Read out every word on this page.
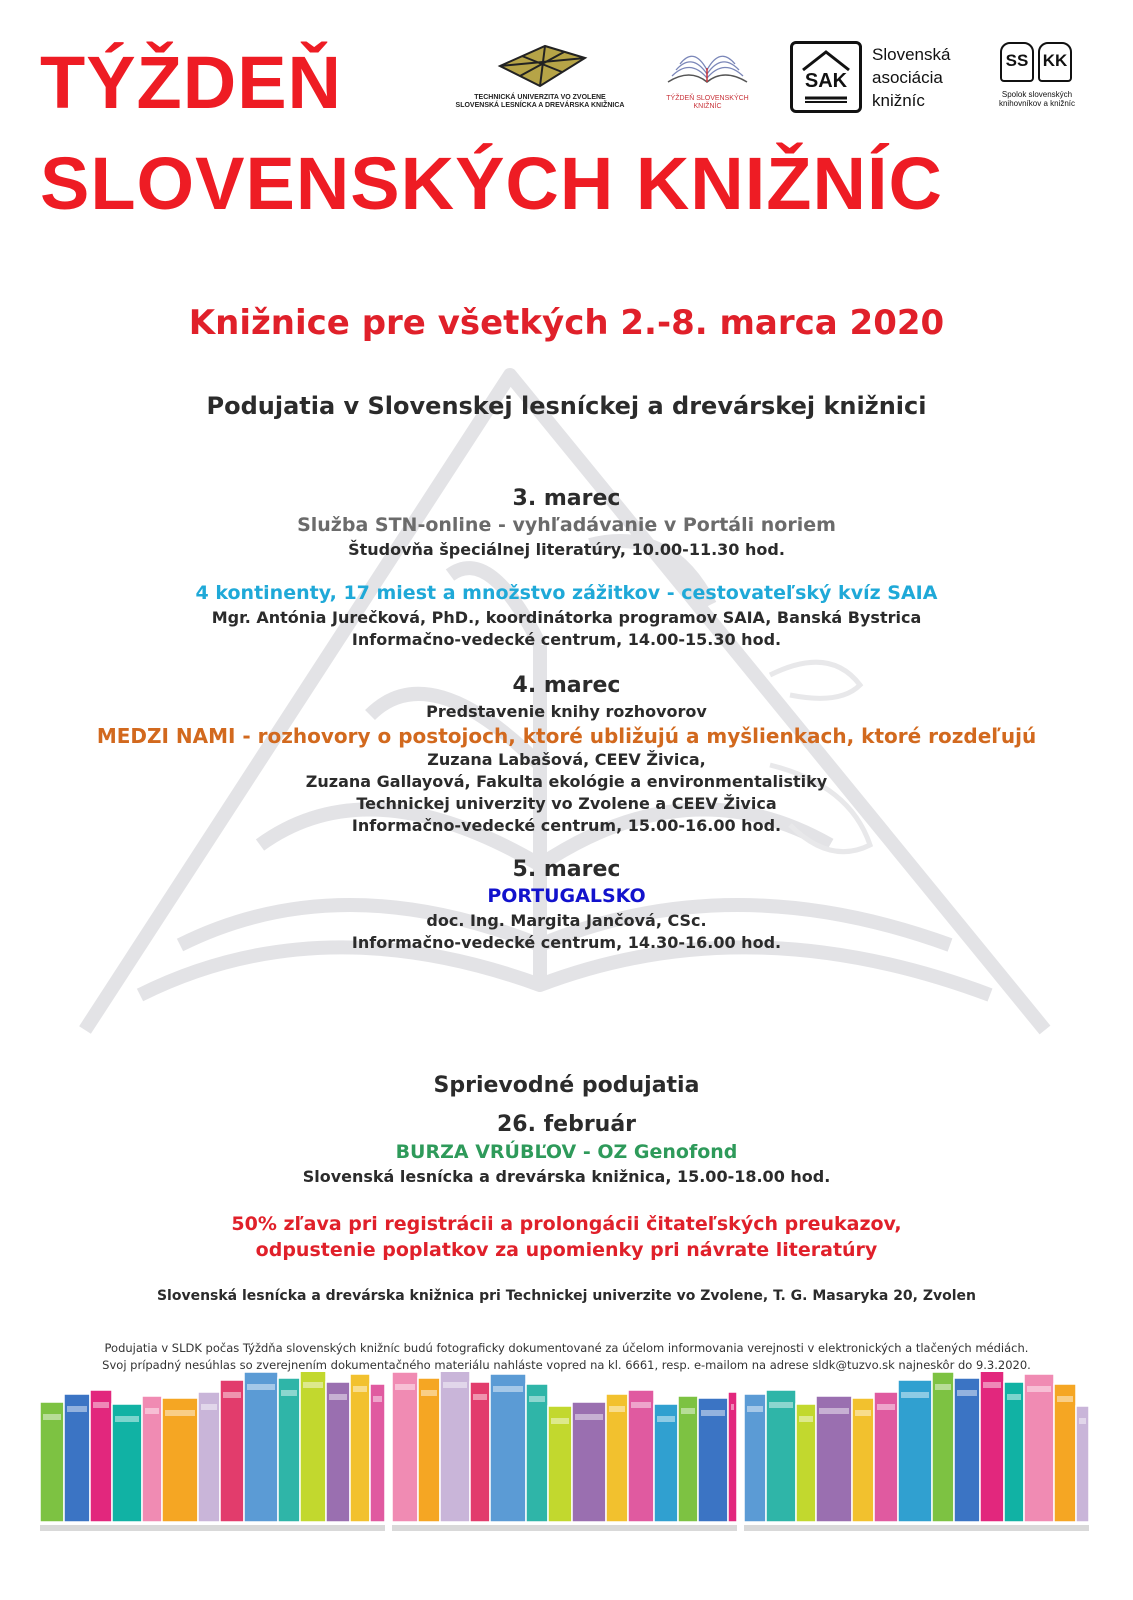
TÝŽDEŇ
SLOVENSKÝCH KNIŽNÍC
TECHNICKÁ UNIVERZITA VO ZVOLENE
SLOVENSKÁ LESNÍCKA A DREVÁRSKA KNIŽNICA
TÝŽDEŇ SLOVENSKÝCH
KNIŽNÍC
SAK
Slovenská
asociácia
knižníc
SS KK
Spolok slovenských
knihovníkov a knižníc
Knižnice pre všetkých 2.-8. marca 2020
Podujatia v Slovenskej lesníckej a drevárskej knižnici
3. marec
Služba STN-online - vyhľadávanie v Portáli noriem
Študovňa špeciálnej literatúry, 10.00-11.30 hod.
4 kontinenty, 17 miest a množstvo zážitkov - cestovateľský kvíz SAIA
Mgr. Antónia Jurečková, PhD., koordinátorka programov SAIA, Banská Bystrica
Informačno-vedecké centrum, 14.00-15.30 hod.
4. marec
Predstavenie knihy rozhovorov
MEDZI NAMI - rozhovory o postojoch, ktoré ubližujú a myšlienkach, ktoré rozdeľujú
Zuzana Labašová, CEEV Živica,
Zuzana Gallayová, Fakulta ekológie a environmentalistiky
Technickej univerzity vo Zvolene a CEEV Živica
Informačno-vedecké centrum, 15.00-16.00 hod.
5. marec
PORTUGALSKO
doc. Ing. Margita Jančová, CSc.
Informačno-vedecké centrum, 14.30-16.00 hod.
Sprievodné podujatia
26. február
BURZA VRÚBĽOV - OZ Genofond
Slovenská lesnícka a drevárska knižnica, 15.00-18.00 hod.
50% zľava pri registrácii a prolongácii čitateľských preukazov,
odpustenie poplatkov za upomienky pri návrate literatúry
Slovenská lesnícka a drevárska knižnica pri Technickej univerzite vo Zvolene, T. G. Masaryka 20, Zvolen
Podujatia v SLDK počas Týždňa slovenských knižníc budú fotograficky dokumentované za účelom informovania verejnosti v elektronických a tlačených médiách.
Svoj prípadný nesúhlas so zverejnením dokumentačného materiálu nahláste vopred na kl. 6661, resp. e-mailom na adrese sldk@tuzvo.sk najneskôr do 9.3.2020.
